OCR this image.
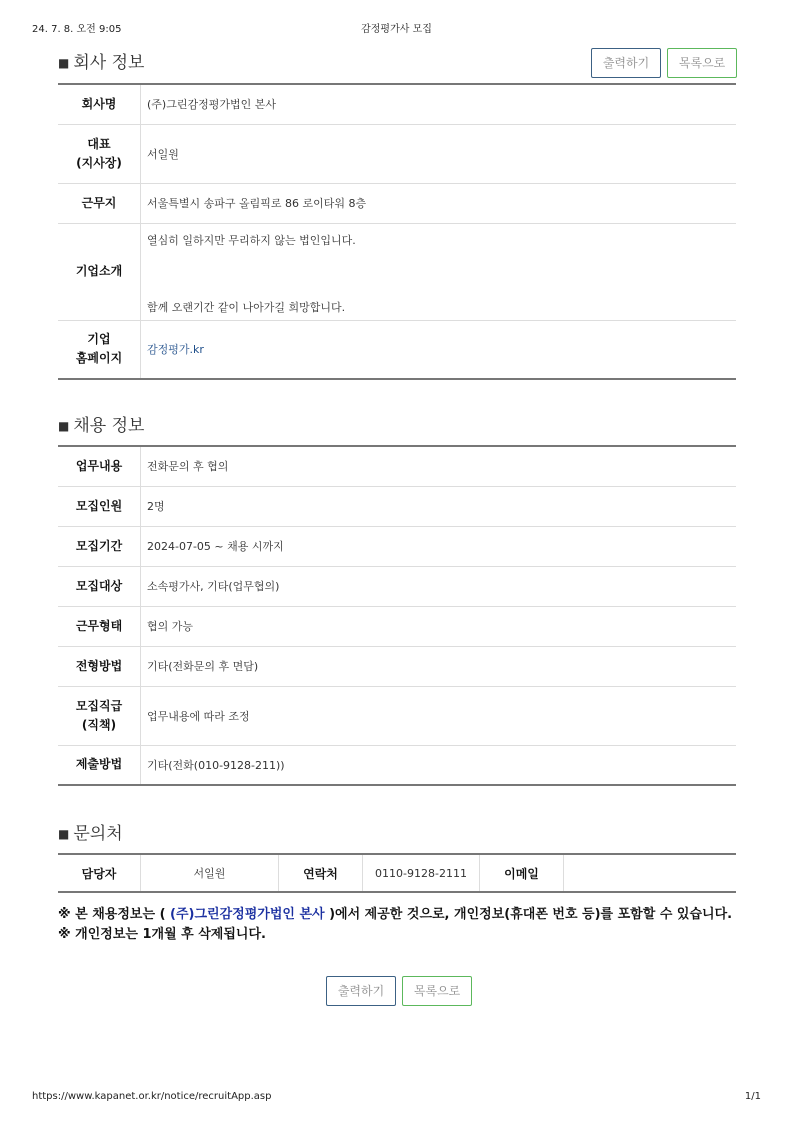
24. 7. 8. 오전 9:05	감정평가사 모집
■ 회사 정보	출력하기 목록으로
회사명	(주)그린감정평가법인 본사
대표
(지사장)	서일원
근무지	서울특별시 송파구 올림픽로 86 로이타워 8층
기업소개	열심히 일하지만 무리하지 않는 법인입니다.
함께 오랜기간 같이 나아가길 희망합니다.

기업
홈페이지	감정평가.kr
■ 채용 정보
업무내용	전화문의 후 협의
모집인원	2명
모집기간	2024-07-05 ~ 채용 시까지
모집대상	소속평가사, 기타(업무협의)
근무형태	협의 가능
전형방법	기타(전화문의 후 면담)
모집직급
(직책)	업무내용에 따라 조정
제출방법	기타(전화(010-9128-211))
■ 문의처
담당자	서일원	연락처	0110-9128-2111	이메일	
※ 본 채용정보는 ( (주)그린감정평가법인 본사 )에서 제공한 것으로, 개인정보(휴대폰 번호 등)를 포함할 수 있습니다.
※ 개인정보는 1개월 후 삭제됩니다.
출력하기 목록으로
https://www.kapanet.or.kr/notice/recruitApp.asp	1/1
